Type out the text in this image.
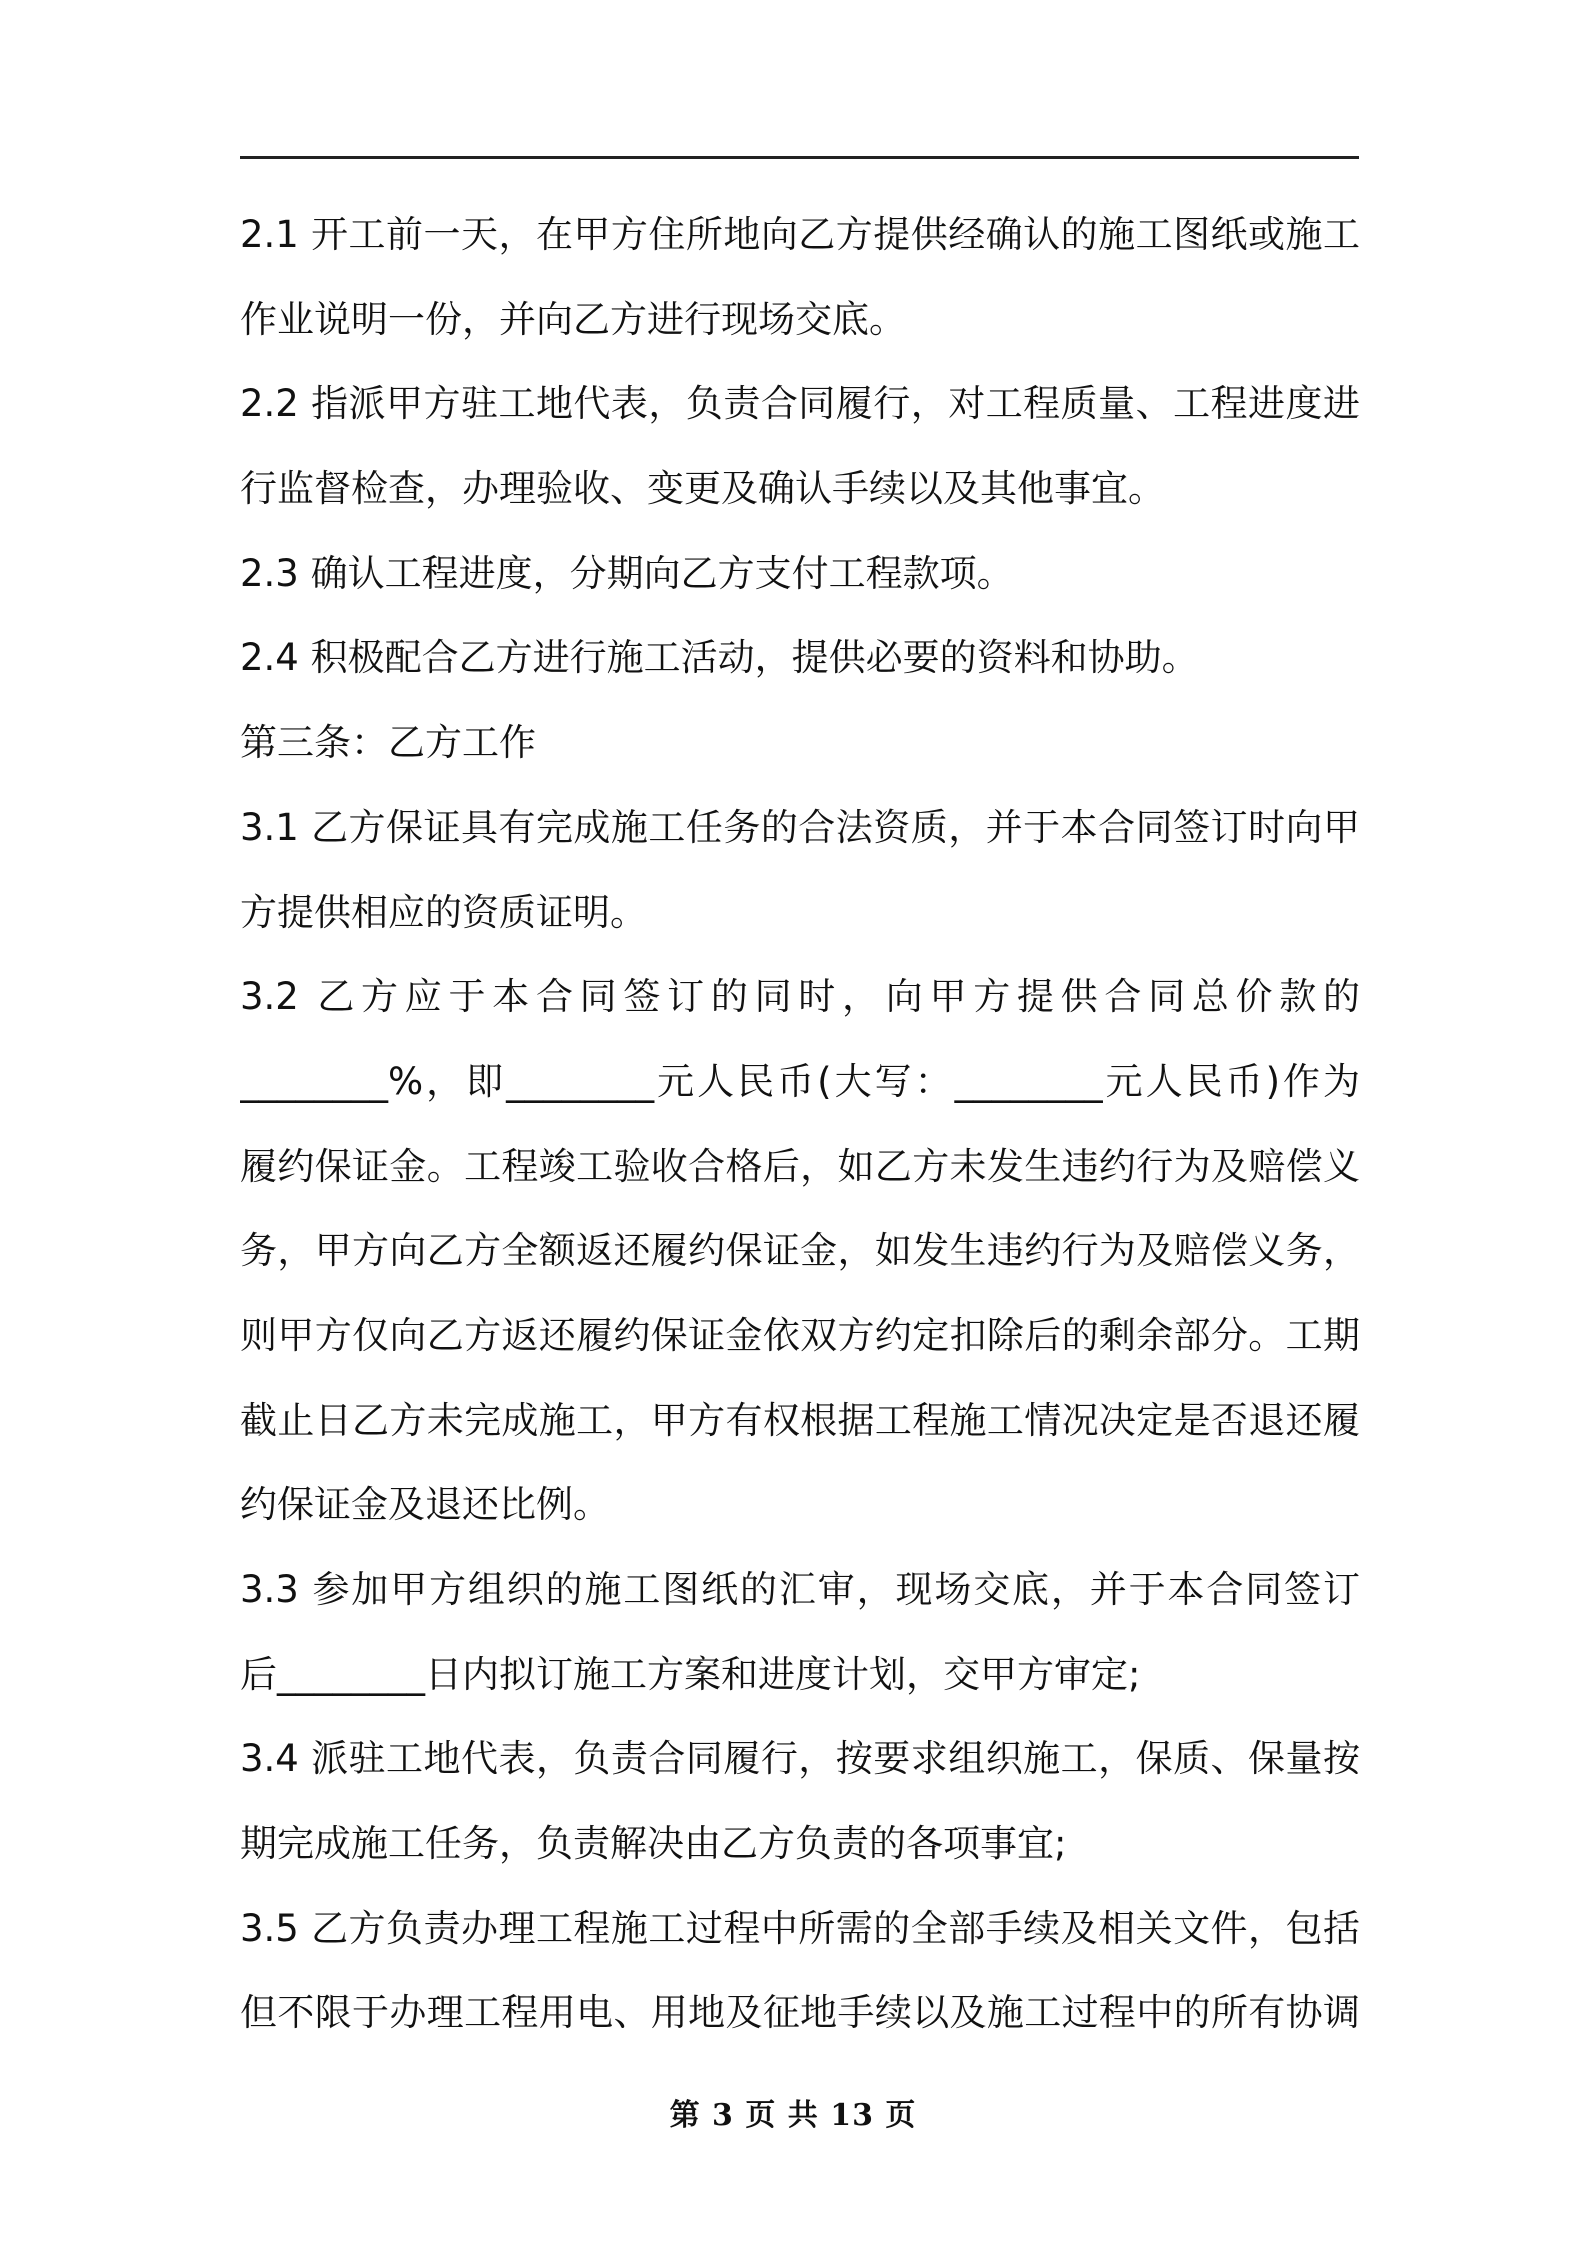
2.1 开工前一天，在甲方住所地向乙方提供经确认的施工图纸或施工
作业说明一份，并向乙方进行现场交底。
2.2 指派甲方驻工地代表，负责合同履行，对工程质量、工程进度进
行监督检查，办理验收、变更及确认手续以及其他事宜。
2.3 确认工程进度，分期向乙方支付工程款项。
2.4 积极配合乙方进行施工活动，提供必要的资料和协助。
第三条：乙方工作
3.1 乙方保证具有完成施工任务的合法资质，并于本合同签订时向甲
方提供相应的资质证明。
3.2 乙方应于本合同签订的同时，向甲方提供合同总价款的
________%，即________元人民币(大写：________元人民币)作为
履约保证金。工程竣工验收合格后，如乙方未发生违约行为及赔偿义
务，甲方向乙方全额返还履约保证金，如发生违约行为及赔偿义务，
则甲方仅向乙方返还履约保证金依双方约定扣除后的剩余部分。工期
截止日乙方未完成施工，甲方有权根据工程施工情况决定是否退还履
约保证金及退还比例。
3.3 参加甲方组织的施工图纸的汇审，现场交底，并于本合同签订
后________日内拟订施工方案和进度计划，交甲方审定;
3.4 派驻工地代表，负责合同履行，按要求组织施工，保质、保量按
期完成施工任务，负责解决由乙方负责的各项事宜;
3.5 乙方负责办理工程施工过程中所需的全部手续及相关文件，包括
但不限于办理工程用电、用地及征地手续以及施工过程中的所有协调
第 3 页 共 13 页
